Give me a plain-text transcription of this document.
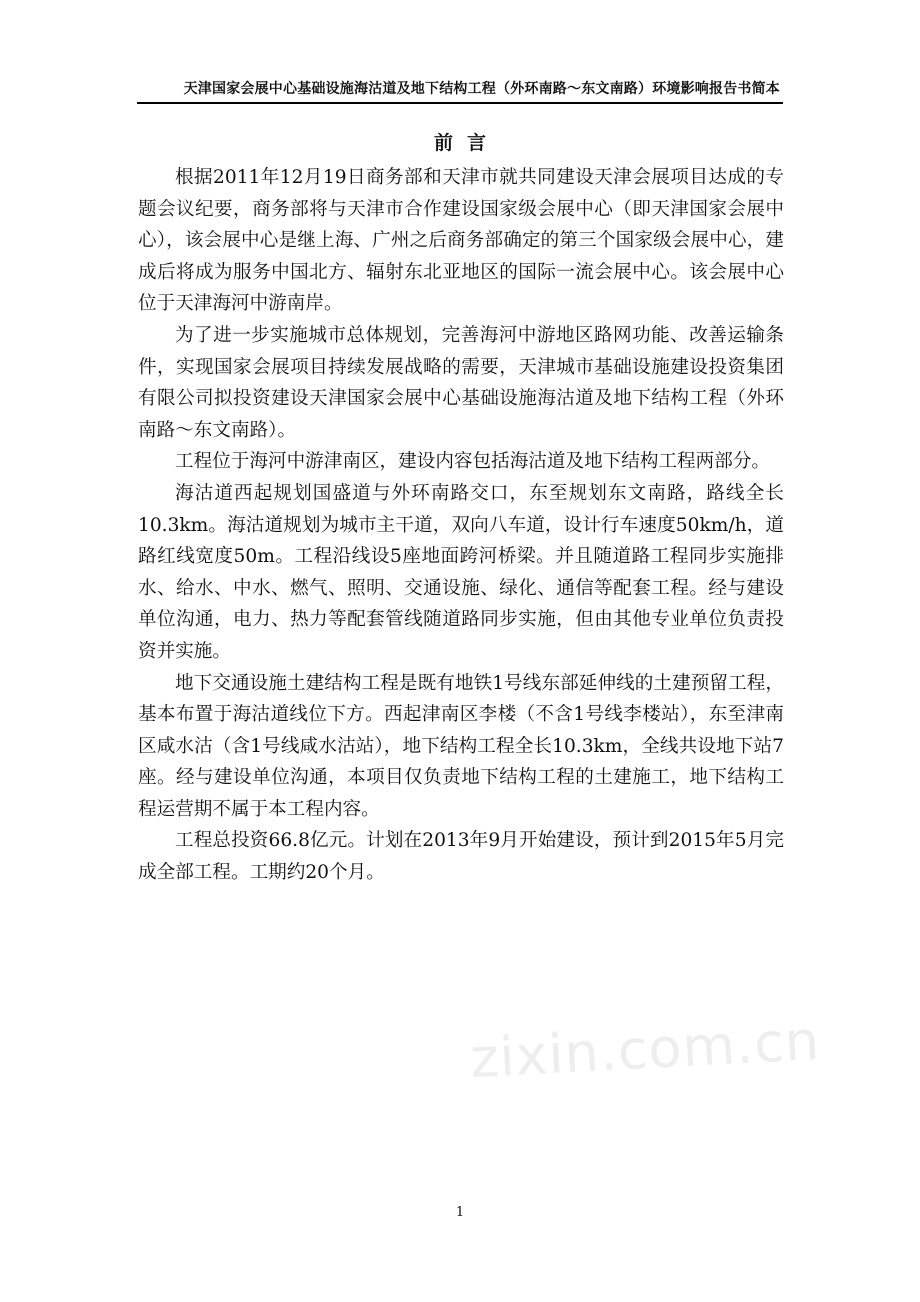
天津国家会展中心基础设施海沽道及地下结构工程（外环南路～东文南路）环境影响报告书简本
前言

根据2011年12月19日商务部和天津市就共同建设天津会展项目达成的专题会议纪要，商务部将与天津市合作建设国家级会展中心（即天津国家会展中心），该会展中心是继上海、广州之后商务部确定的第三个国家级会展中心，建成后将成为服务中国北方、辐射东北亚地区的国际一流会展中心。该会展中心位于天津海河中游南岸。

为了进一步实施城市总体规划，完善海河中游地区路网功能、改善运输条件，实现国家会展项目持续发展战略的需要，天津城市基础设施建设投资集团有限公司拟投资建设天津国家会展中心基础设施海沽道及地下结构工程（外环南路～东文南路）。

工程位于海河中游津南区，建设内容包括海沽道及地下结构工程两部分。

海沽道西起规划国盛道与外环南路交口，东至规划东文南路，路线全长10.3km。海沽道规划为城市主干道，双向八车道，设计行车速度50km/h，道路红线宽度50m。工程沿线设5座地面跨河桥梁。并且随道路工程同步实施排水、给水、中水、燃气、照明、交通设施、绿化、通信等配套工程。经与建设单位沟通，电力、热力等配套管线随道路同步实施，但由其他专业单位负责投资并实施。

地下交通设施土建结构工程是既有地铁1号线东部延伸线的土建预留工程，基本布置于海沽道线位下方。西起津南区李楼（不含1号线李楼站），东至津南区咸水沽（含1号线咸水沽站），地下结构工程全长10.3km，全线共设地下站7座。经与建设单位沟通，本项目仅负责地下结构工程的土建施工，地下结构工程运营期不属于本工程内容。

工程总投资66.8亿元。计划在2013年9月开始建设，预计到2015年5月完成全部工程。工期约20个月。

zixin.com.cn
1
